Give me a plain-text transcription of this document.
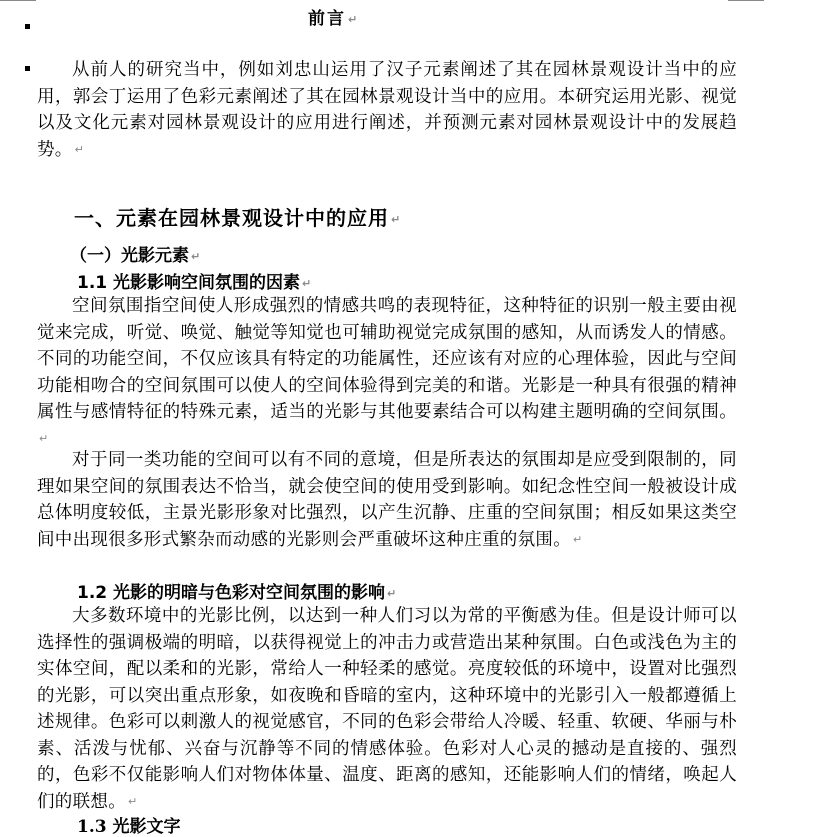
前言 ↵
从前人的研究当中，例如刘忠山运用了汉子元素阐述了其在园林景观设计当中的应用，郭会丁运用了色彩元素阐述了其在园林景观设计当中的应用。本研究运用光影、视觉以及文化元素对园林景观设计的应用进行阐述，并预测元素对园林景观设计中的发展趋势。 ↵
一、元素在园林景观设计中的应用 ↵
（一）光影元素 ↵
1.1 光影影响空间氛围的因素 ↵
空间氛围指空间使人形成强烈的情感共鸣的表现特征，这种特征的识别一般主要由视觉来完成，听觉、唤觉、触觉等知觉也可辅助视觉完成氛围的感知，从而诱发人的情感。不同的功能空间，不仅应该具有特定的功能属性，还应该有对应的心理体验，因此与空间功能相吻合的空间氛围可以使人的空间体验得到完美的和谐。光影是一种具有很强的精神属性与感情特征的特殊元素，适当的光影与其他要素结合可以构建主题明确的空间氛围。↵
对于同一类功能的空间可以有不同的意境，但是所表达的氛围却是应受到限制的，同理如果空间的氛围表达不恰当，就会使空间的使用受到影响。如纪念性空间一般被设计成总体明度较低，主景光影形象对比强烈，以产生沉静、庄重的空间氛围；相反如果这类空间中出现很多形式繁杂而动感的光影则会严重破坏这种庄重的氛围。 ↵
1.2 光影的明暗与色彩对空间氛围的影响 ↵
大多数环境中的光影比例，以达到一种人们习以为常的平衡感为佳。但是设计师可以选择性的强调极端的明暗，以获得视觉上的冲击力或营造出某种氛围。白色或浅色为主的实体空间，配以柔和的光影，常给人一种轻柔的感觉。亮度较低的环境中，设置对比强烈的光影，可以突出重点形象，如夜晚和昏暗的室内，这种环境中的光影引入一般都遵循上述规律。色彩可以刺激人的视觉感官，不同的色彩会带给人冷暖、轻重、软硬、华丽与朴素、活泼与忧郁、兴奋与沉静等不同的情感体验。色彩对人心灵的撼动是直接的、强烈的，色彩不仅能影响人们对物体体量、温度、距离的感知，还能影响人们的情绪，唤起人们的联想。 ↵
1.3 光影文字
